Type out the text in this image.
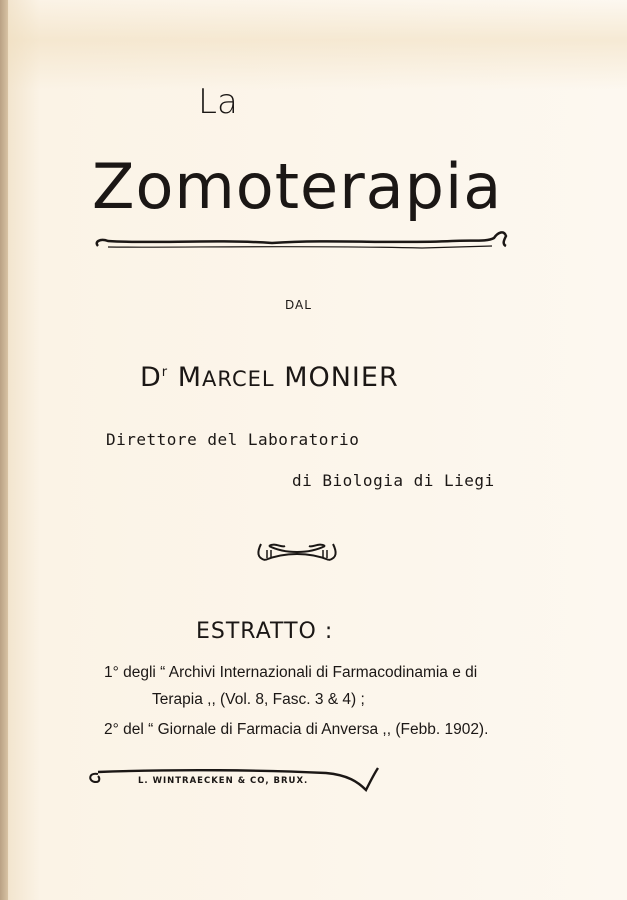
La
Zomoterapia
DAL
$D^r$ MARCEL MONIER
Direttore del Laboratorio
di Biologia di Liegi
ESTRATTO :
1° degli “ Archivi Internazionali di Farmacodinamia e di
Terapia ,, (Vol. 8, Fasc. 3 & 4) ;
2° del “ Giornale di Farmacia di Anversa ,, (Febb. 1902).
L. WINTRAECKEN & CO, BRUX.
